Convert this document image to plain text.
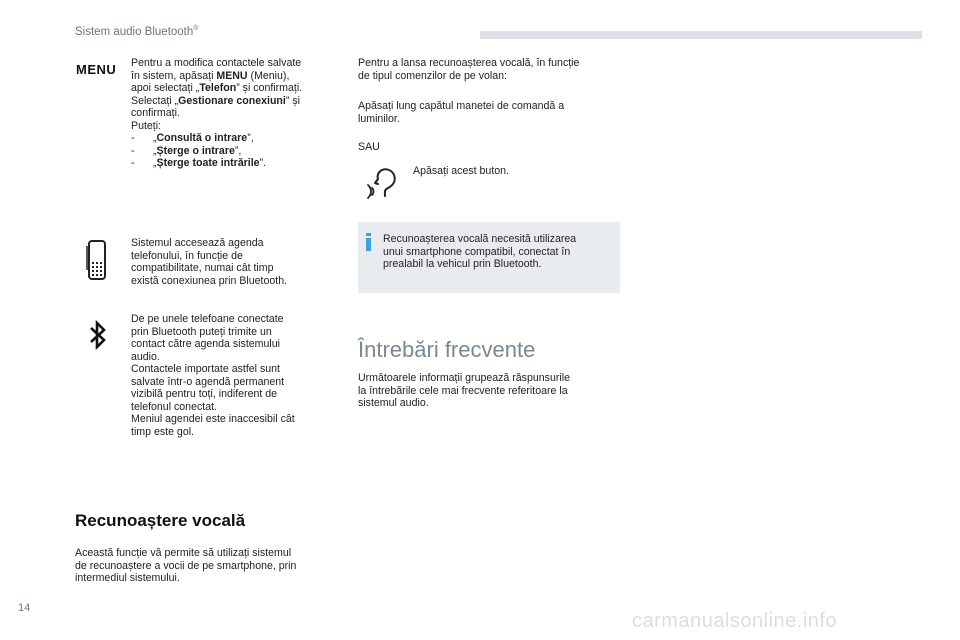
Sistem audio Bluetooth®
MENU Pentru a modifica contactele salvate

în sistem, apăsați MENU (Meniu),

apoi selectați „Telefon” și confirmați.

Selectați „Gestionare conexiuni” și

confirmați.

Puteți:

- „Consultă o intrare”,
- „Șterge o intrare”,
- „Șterge toate intrările”.

Sistemul accesează agenda

telefonului, în funcție de

compatibilitate, numai cât timp

există conexiunea prin Bluetooth.

De pe unele telefoane conectate

prin Bluetooth puteți trimite un

contact către agenda sistemului

audio.

Contactele importate astfel sunt

salvate într-o agendă permanent

vizibilă pentru toți, indiferent de

telefonul conectat.

Meniul agendei este inaccesibil cât

timp este gol.

Recunoaștere vocală

Această funcție vă permite să utilizați sistemul

de recunoaștere a vocii de pe smartphone, prin

intermediul sistemului.

Pentru a lansa recunoașterea vocală, în funcție

de tipul comenzilor de pe volan:

Apăsați lung capătul manetei de comandă a

luminilor.

SAU
Apăsați acest buton.

Recunoașterea vocală necesită utilizarea

unui smartphone compatibil, conectat în

prealabil la vehicul prin Bluetooth.

Întrebări frecvente

Următoarele informații grupează răspunsurile

la întrebările cele mai frecvente referitoare la

sistemul audio.

14
carmanualsonline.info
